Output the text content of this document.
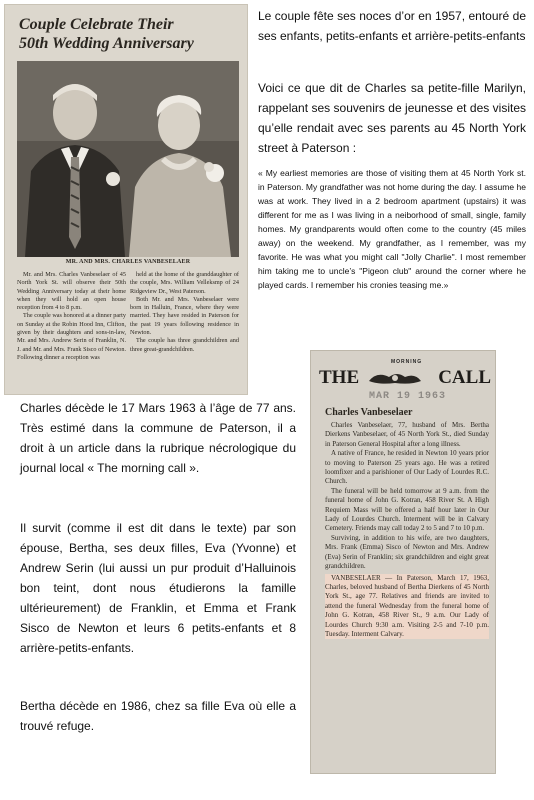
Couple Celebrate Their
50th Wedding Anniversary
MR. AND MRS. CHARLES VANBESELAER

Mr. and Mrs. Charles Vanbeselaer of 45 North York St. will observe their 50th Wedding Anniversary today at their home when they will hold an open house reception from 4 to 8 p.m.

The couple was honored at a dinner party on Sunday at the Robin Hood Inn, Clifton, given by their daughters and sons-in-law, Mr. and Mrs. Andrew Serin of Franklin, N. J. and Mr. and Mrs. Frank Sisco of Newton. Following dinner a reception was

held at the home of the granddaughter of the couple, Mrs. William Velleksmp of 24 Ridgeview Dr., West Paterson.

Both Mr. and Mrs. Vanbeselaer were born in Halluin, France, where they were married. They have resided in Paterson for the past 19 years following residence in Newton.

The couple has three grandchildren and three great-grandchildren.

Le couple fête ses noces d’or en 1957, entouré de ses enfants, petits-enfants et arrière-petits-enfants
Voici ce que dit de Charles sa petite-fille Marilyn, rappelant ses souvenirs de jeunesse et des visites qu’elle rendait avec ses parents au 45 North York street à Paterson :
« My earliest memories are those of visiting them at 45 North York st. in Paterson. My grandfather was not home during the day. I assume he was at work. They lived in a 2 bedroom apartment (upstairs) it was different for me as I was living in a neiborhood of small, single, family homes. My grandparents would often come to the country (45 miles away) on the weekend. My grandfather, as I remember, was my favorite. He was what you might call "Jolly Charlie". I most remember him taking me to uncle’s "Pigeon club" around the corner where he played cards. I remember his cronies teasing me.»
Charles décède le 17 Mars 1963 à l’âge de 77 ans. Très estimé dans la commune de Paterson, il a droit à un article dans la rubrique nécrologique du journal local « The morning call ».
Il survit (comme il est dit dans le texte) par son épouse, Bertha, ses deux filles, Eva (Yvonne) et Andrew Serin (lui aussi un pur produit d’Halluinois bon teint, dont nous étudierons la famille ultérieurement) de Franklin, et Emma et Frank Sisco de Newton et leurs 6 petits-enfants et 8 arrière-petits-enfants.
Bertha décède en 1986, chez sa fille Eva où elle a trouvé refuge.
MORNING
THE	CALL
MAR 19 1963
Charles Vanbeselaer

Charles Vanbeselaer, 77, husband of Mrs. Bertha Dierkens Vanbeselaer, of 45 North York St., died Sunday in Paterson General Hospital after a long illness.

A native of France, he resided in Newton 10 years prior to moving to Paterson 25 years ago. He was a retired loomfixer and a parishioner of Our Lady of Lourdes R.C. Church.

The funeral will be held tomorrow at 9 a.m. from the funeral home of John G. Kotran, 458 River St. A High Requiem Mass will be offered a half hour later in Our Lady of Lourdes Church. Interment will be in Calvary Cemetery. Friends may call today 2 to 5 and 7 to 10 p.m.

Surviving, in addition to his wife, are two daughters, Mrs. Frank (Emma) Sisco of Newton and Mrs. Andrew (Eva) Serin of Franklin; six grandchildren and eight great grandchildren.

VANBESELAER — In Paterson, March 17, 1963, Charles, beloved husband of Bertha Dierkens of 45 North York St., age 77. Relatives and friends are invited to attend the funeral Wednesday from the funeral home of John G. Kotran, 458 River St., 9 a.m. Our Lady of Lourdes Church 9:30 a.m. Visiting 2-5 and 7-10 p.m. Tuesday. Interment Calvary.
